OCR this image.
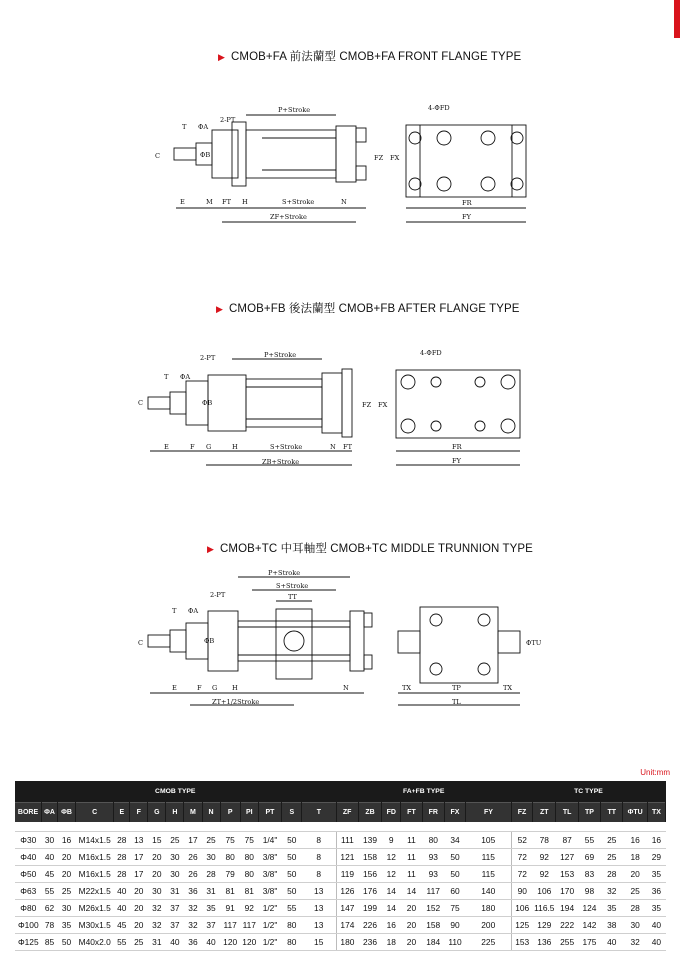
▶ CMOB+FA 前法蘭型 CMOB+FA FRONT FLANGE TYPE
2-PT
P+Stroke
T ΦA
C	ΦB
E	M FT H	S+Stroke	N
ZF+Stroke
4-ΦFD
FZ FX
FR
FY
▶ CMOB+FB 後法蘭型 CMOB+FB AFTER FLANGE TYPE
2-PT	P+Stroke
T ΦA
C	ΦB
E	F G	H	S+Stroke	N FT
ZB+Stroke
4-ΦFD
FZ FX
FR
FY
▶ CMOB+TC 中耳軸型 CMOB+TC MIDDLE TRUNNION TYPE
P+Stroke
S+Stroke
TT
2-PT
T ΦA
C	ΦB
E	F G H	N
ZT+1/2Stroke
ΦTU
TX	TP	TX
TL
Unit:mm
CMOB TYPE															FA+FB TYPE							TC TYPE						
BORE	ΦA	ΦB	C	E	F	G	H	M	N	P	PI	PT	S	T	ZF	ZB	FD	FT	FR	FX	FY	FZ	ZT	TL	TP	TT	ΦTU	TX

Φ30	30	16	M14x1.5	28	13	15	25	17	25	75	75	1/4"	50	8	111	139	9	11	80	34	105	52	78	87	55	25	16	16
Φ40	40	20	M16x1.5	28	17	20	30	26	30	80	80	3/8"	50	8	121	158	12	11	93	50	115	72	92	127	69	25	18	29
Φ50	45	20	M16x1.5	28	17	20	30	26	28	79	80	3/8"	50	8	119	156	12	11	93	50	115	72	92	153	83	28	20	35
Φ63	55	25	M22x1.5	40	20	30	31	36	31	81	81	3/8"	50	13	126	176	14	14	117	60	140	90	106	170	98	32	25	36
Φ80	62	30	M26x1.5	40	20	32	37	32	35	91	92	1/2"	55	13	147	199	14	20	152	75	180	106	116.5	194	124	35	28	35
Φ100	78	35	M30x1.5	45	20	32	37	32	37	117	117	1/2"	80	13	174	226	16	20	158	90	200	125	129	222	142	38	30	40
Φ125	85	50	M40x2.0	55	25	31	40	36	40	120	120	1/2"	80	15	180	236	18	20	184	110	225	153	136	255	175	40	32	40
